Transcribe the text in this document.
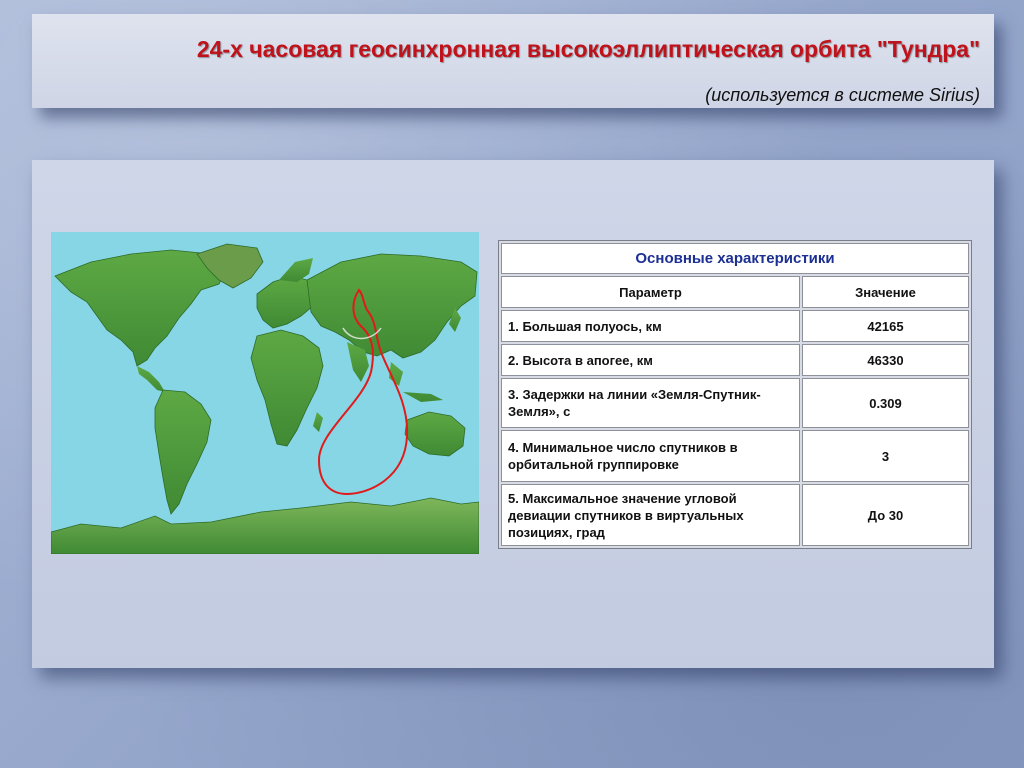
24-х часовая геосинхронная высокоэллиптическая орбита "Тундра"
(используется в системе Sirius)
Основные характеристики	
Параметр	Значение
1. Большая полуось, км	42165
2. Высота в апогее, км	46330
3. Задержки на линии «Земля-Спутник-Земля», с	0.309
4. Минимальное число спутников в орбитальной группировке	3
5. Максимальное значение угловой девиации спутников в виртуальных позициях, град	До 30
